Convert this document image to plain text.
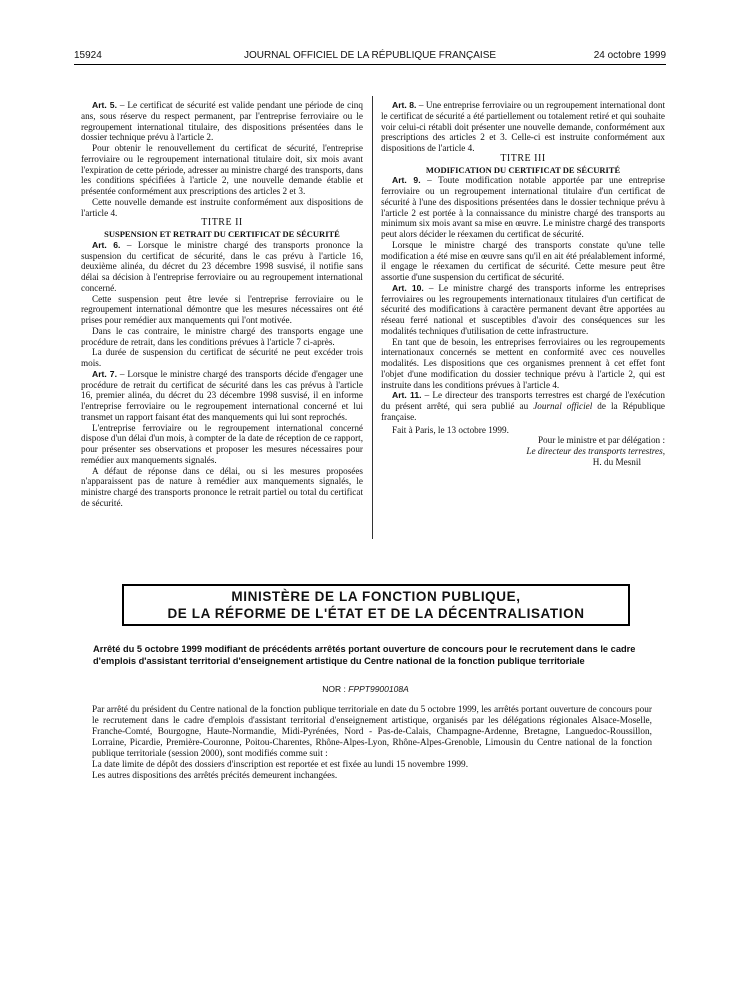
15924	JOURNAL OFFICIEL DE LA RÉPUBLIQUE FRANÇAISE	24 octobre 1999

Art. 5. – Le certificat de sécurité est valide pendant une période de cinq ans, sous réserve du respect permanent, par l'entreprise ferroviaire ou le regroupement international titulaire, des dispositions présentées dans le dossier technique prévu à l'article 2.

Pour obtenir le renouvellement du certificat de sécurité, l'entreprise ferroviaire ou le regroupement international titulaire doit, six mois avant l'expiration de cette période, adresser au ministre chargé des transports, dans les conditions spécifiées à l'article 2, une nouvelle demande établie et présentée conformément aux prescriptions des articles 2 et 3.

Cette nouvelle demande est instruite conformément aux dispositions de l'article 4.

TITRE II

SUSPENSION ET RETRAIT DU CERTIFICAT DE SÉCURITÉ

Art. 6. – Lorsque le ministre chargé des transports prononce la suspension du certificat de sécurité, dans le cas prévu à l'article 16, deuxième alinéa, du décret du 23 décembre 1998 susvisé, il notifie sans délai sa décision à l'entreprise ferroviaire ou au regroupement international concerné.

Cette suspension peut être levée si l'entreprise ferroviaire ou le regroupement international démontre que les mesures nécessaires ont été prises pour remédier aux manquements qui l'ont motivée.

Dans le cas contraire, le ministre chargé des transports engage une procédure de retrait, dans les conditions prévues à l'article 7 ci-après.

La durée de suspension du certificat de sécurité ne peut excéder trois mois.

Art. 7. – Lorsque le ministre chargé des transports décide d'engager une procédure de retrait du certificat de sécurité dans les cas prévus à l'article 16, premier alinéa, du décret du 23 décembre 1998 susvisé, il en informe l'entreprise ferroviaire ou le regroupement international concerné et lui transmet un rapport faisant état des manquements qui lui sont reprochés.

L'entreprise ferroviaire ou le regroupement international concerné dispose d'un délai d'un mois, à compter de la date de réception de ce rapport, pour présenter ses observations et proposer les mesures nécessaires pour remédier aux manquements signalés.

A défaut de réponse dans ce délai, ou si les mesures proposées n'apparaissent pas de nature à remédier aux manquements signalés, le ministre chargé des transports prononce le retrait partiel ou total du certificat de sécurité.

Art. 8. – Une entreprise ferroviaire ou un regroupement international dont le certificat de sécurité a été partiellement ou totalement retiré et qui souhaite voir celui-ci rétabli doit présenter une nouvelle demande, conformément aux prescriptions des articles 2 et 3. Celle-ci est instruite conformément aux dispositions de l'article 4.

TITRE III

MODIFICATION DU CERTIFICAT DE SÉCURITÉ

Art. 9. – Toute modification notable apportée par une entreprise ferroviaire ou un regroupement international titulaire d'un certificat de sécurité à l'une des dispositions présentées dans le dossier technique prévu à l'article 2 est portée à la connaissance du ministre chargé des transports au minimum six mois avant sa mise en œuvre. Le ministre chargé des transports peut alors décider le réexamen du certificat de sécurité.

Lorsque le ministre chargé des transports constate qu'une telle modification a été mise en œuvre sans qu'il en ait été préalablement informé, il engage le réexamen du certificat de sécurité. Cette mesure peut être assortie d'une suspension du certificat de sécurité.

Art. 10. – Le ministre chargé des transports informe les entreprises ferroviaires ou les regroupements internationaux titulaires d'un certificat de sécurité des modifications à caractère permanent devant être apportées au réseau ferré national et susceptibles d'avoir des conséquences sur les modalités techniques d'utilisation de cette infrastructure.

En tant que de besoin, les entreprises ferroviaires ou les regroupements internationaux concernés se mettent en conformité avec ces nouvelles modalités. Les dispositions que ces organismes prennent à cet effet font l'objet d'une modification du dossier technique prévu à l'article 2, qui est instruite dans les conditions prévues à l'article 4.

Art. 11. – Le directeur des transports terrestres est chargé de l'exécution du présent arrêté, qui sera publié au Journal officiel de la République française.

Fait à Paris, le 13 octobre 1999.

Pour le ministre et par délégation :

Le directeur des transports terrestres,

H. du Mesnil

MINISTÈRE DE LA FONCTION PUBLIQUE,
DE LA RÉFORME DE L'ÉTAT ET DE LA DÉCENTRALISATION
Arrêté du 5 octobre 1999 modifiant de précédents arrêtés portant ouverture de concours pour le recrutement dans le cadre d'emplois d'assistant territorial d'enseignement artistique du Centre national de la fonction publique territoriale
NOR : FPPT9900108A

Par arrêté du président du Centre national de la fonction publique territoriale en date du 5 octobre 1999, les arrêtés portant ouverture de concours pour le recrutement dans le cadre d'emplois d'assistant territorial d'enseignement artistique, organisés par les délégations régionales Alsace-Moselle, Franche-Comté, Bourgogne, Haute-Normandie, Midi-Pyrénées, Nord - Pas-de-Calais, Champagne-Ardenne, Bretagne, Languedoc-Roussillon, Lorraine, Picardie, Première-Couronne, Poitou-Charentes, Rhône-Alpes-Lyon, Rhône-Alpes-Grenoble, Limousin du Centre national de la fonction publique territoriale (session 2000), sont modifiés comme suit :

La date limite de dépôt des dossiers d'inscription est reportée et est fixée au lundi 15 novembre 1999.

Les autres dispositions des arrêtés précités demeurent inchangées.
